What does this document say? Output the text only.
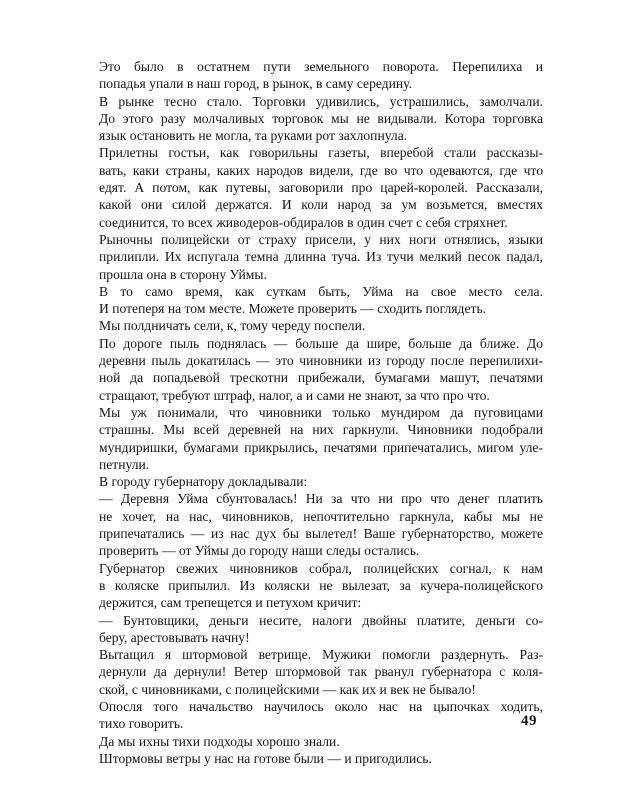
Это было в остатнем пути земельного поворота. Перепилиха и
попадья упали в наш город, в рынок, в саму середину.

В рынке тесно стало. Торговки удивились, устрашились, замолчали.
До этого разу молчаливых торговок мы не видывали. Котора торговка
язык остановить не могла, та руками рот захлопнула.

Прилетны гостьи, как говорильны газеты, вперебой стали рассказы-
вать, каки страны, каких народов видели, где во что одеваются, где что
едят. А потом, как путевы, заговорили про царей-королей. Рассказали,
какой они силой держатся. И коли народ за ум возьмется, вместях
соединится, то всех живодеров-обдиралов в один счет с себя стряхнет.

Рыночны полицейски от страху присели, у них ноги отнялись, языки
прилипли. Их испугала темна длинна туча. Из тучи мелкий песок падал,
прошла она в сторону Уймы.

В то само время, как суткам быть, Уйма на свое место села.
И потеперя на том месте. Можете проверить — сходить поглядеть.

Мы полдничать сели, к, тому череду поспели.

По дороге пыль поднялась — больше да шире, больше да ближе. До
деревни пыль докатилась — это чиновники из городу после перепилихи-
ной да попадьевой трескотни прибежали, бумагами машут, печатями
стращают, требуют штраф, налог, а и сами не знают, за что про что.

Мы уж понимали, что чиновники только мундиром да пуговицами
страшны. Мы всей деревней на них гаркнули. Чиновники подобрали
мундиришки, бумагами прикрылись, печатями припечатались, мигом уле-
петнули.

В городу губернатору докладывали:

— Деревня Уйма сбунтовалась! Ни за что ни про что денег платить
не хочет, на нас, чиновников, непочтительно гаркнула, кабы мы не
припечатались — из нас дух бы вылетел! Ваше губернаторство, можете
проверить — от Уймы до городу наши следы остались.

Губернатор свежих чиновников собрал, полицейских согнал, к нам
в коляске припылил. Из коляски не вылезат, за кучера-полицейского
держится, сам трепещется и петухом кричит:

— Бунтовщики, деньги несите, налоги двойны платите, деньги со-
беру, арестовывать начну!

Вытащил я штормовой ветрище. Мужики помогли раздернуть. Раз-
дернули да дернули! Ветер штормовой так рванул губернатора с коля-
ской, с чиновниками, с полицейскими — как их и век не бывало!

Опосля того начальство научилось около нас на цыпочках ходить,
тихо говорить.

Да мы ихны тихи подходы хорошо знали.

Штормовы ветры у нас на готове были — и пригодились.

49
